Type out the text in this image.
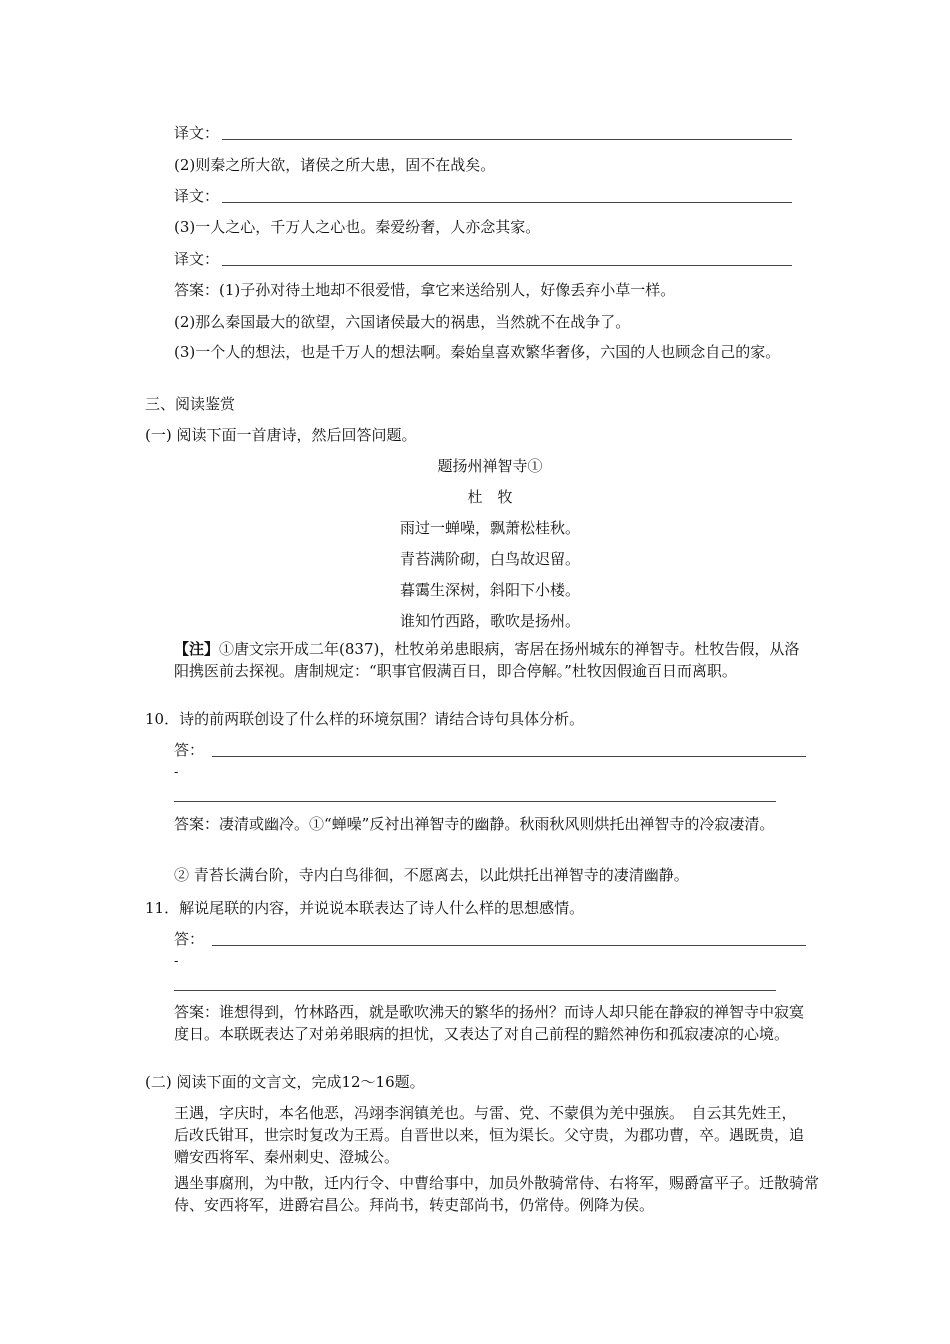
译文：
(2)则秦之所大欲，诸侯之所大患，固不在战矣。
译文：
(3)一人之心，千万人之心也。秦爱纷奢，人亦念其家。
译文：
答案：(1)子孙对待土地却不很爱惜，拿它来送给别人，好像丢弃小草一样。
(2)那么秦国最大的欲望，六国诸侯最大的祸患，当然就不在战争了。
(3)一个人的想法，也是千万人的想法啊。秦始皇喜欢繁华奢侈，六国的人也顾念自己的家。
三、阅读鉴赏
(一) 阅读下面一首唐诗，然后回答问题。
题扬州禅智寺①
杜　牧
雨过一蝉噪，飘萧松桂秋。
青苔满阶砌，白鸟故迟留。
暮霭生深树，斜阳下小楼。
谁知竹西路，歌吹是扬州。
【注】①唐文宗开成二年(837)，杜牧弟弟患眼病，寄居在扬州城东的禅智寺。杜牧告假，从洛阳携医前去探视。唐制规定：“职事官假满百日，即合停解。”杜牧因假逾百日而离职。
10．诗的前两联创设了什么样的环境氛围？请结合诗句具体分析。
答：
-
答案：凄清或幽冷。①“蝉噪”反衬出禅智寺的幽静。秋雨秋风则烘托出禅智寺的冷寂凄清。
② 青苔长满台阶，寺内白鸟徘徊，不愿离去，以此烘托出禅智寺的凄清幽静。
11．解说尾联的内容，并说说本联表达了诗人什么样的思想感情。
答：
-
答案：谁想得到，竹林路西，就是歌吹沸天的繁华的扬州？而诗人却只能在静寂的禅智寺中寂寞度日。本联既表达了对弟弟眼病的担忧，又表达了对自己前程的黯然神伤和孤寂凄凉的心境。
(二) 阅读下面的文言文，完成12～16题。
王遇，字庆时，本名他恶，冯翊李润镇羌也。与雷、党、不蒙俱为羌中强族。　自云其先姓王，后改氏钳耳，世宗时复改为王焉。自晋世以来，恒为渠长。父守贵，为郡功曹，卒。遇既贵，追赠安西将军、秦州刺史、澄城公。
遇坐事腐刑，为中散，迁内行令、中曹给事中，加员外散骑常侍、右将军，赐爵富平子。迁散骑常侍、安西将军，进爵宕昌公。拜尚书，转吏部尚书，仍常侍。例降为侯。
